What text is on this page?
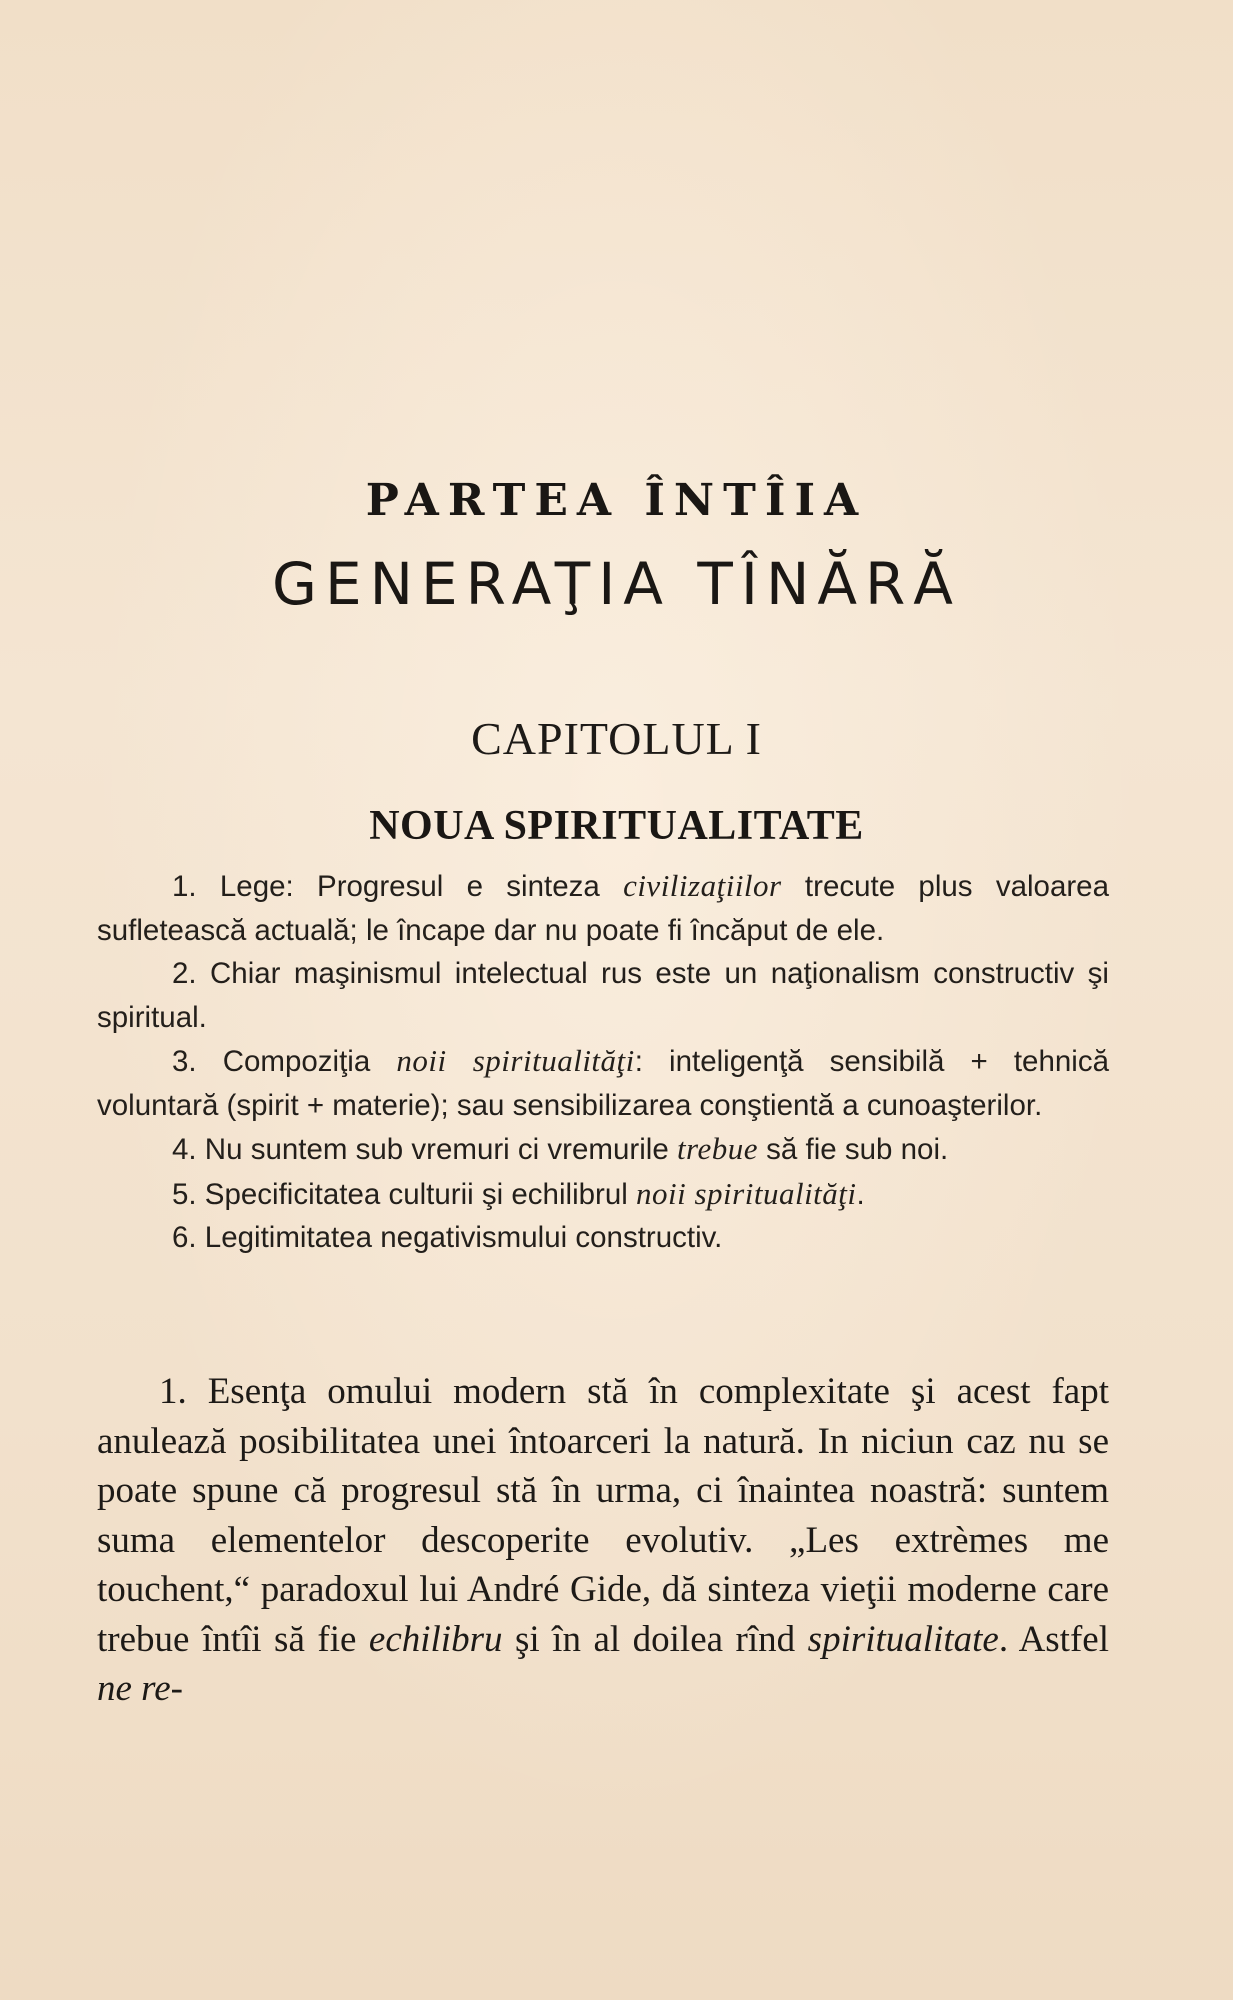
PARTEA ÎNTÎIA
GENERAŢIA TÎNĂRĂ
CAPITOLUL I
NOUA SPIRITUALITATE

1. Lege: Progresul e sinteza civilizaţiilor trecute plus valoarea sufletească actuală; le încape dar nu poate fi încăput de ele.

2. Chiar maşinismul intelectual rus este un naţionalism constructiv şi spiritual.

3. Compoziţia noii spiritualităţi: inteligenţă sensibilă + tehnică voluntară (spirit + materie); sau sensibilizarea conştientă a cunoaşterilor.

4. Nu suntem sub vremuri ci vremurile trebue să fie sub noi.

5. Specificitatea culturii şi echilibrul noii spiritualităţi.

6. Legitimitatea negativismului constructiv.

1. Esenţa omului modern stă în complexitate şi acest fapt anulează posibilitatea unei întoarceri la natură. In niciun caz nu se poate spune că progresul stă în urma, ci înaintea noastră: suntem suma elementelor descoperite evolutiv. „Les extrèmes me touchent,“ paradoxul lui André Gide, dă sinteza vieţii moderne care trebue întîi să fie echilibru şi în al doilea rînd spiritualitate. Astfel ne re-
